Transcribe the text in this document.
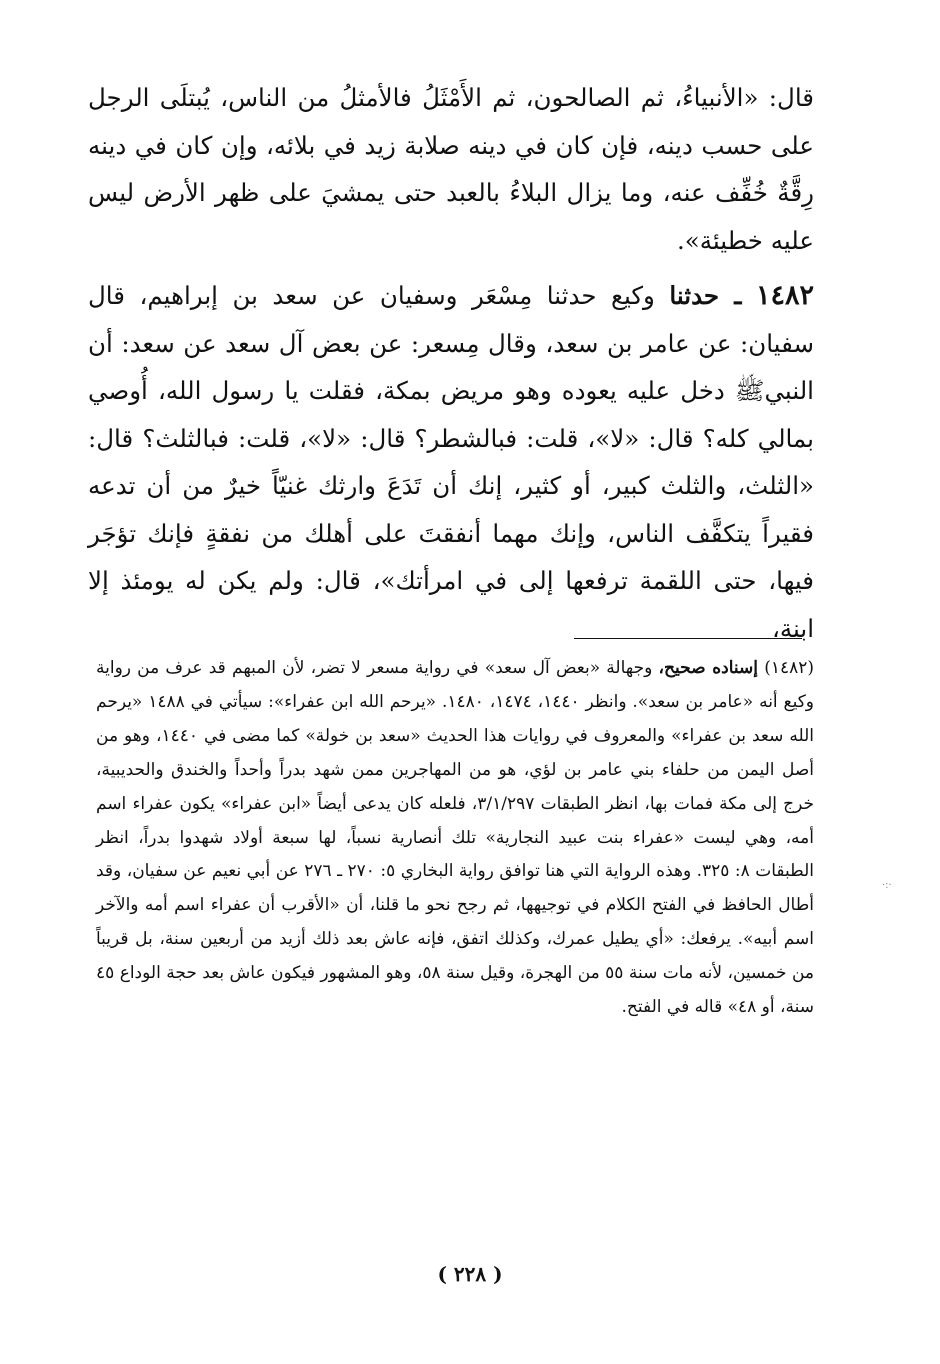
قال: «الأنبياءُ، ثم الصالحون، ثم الأَمْثَلُ فالأمثلُ من الناس، يُبتلَى الرجل على حسب دينه، فإن كان في دينه صلابة زيد في بلائه، وإن كان في دينه رِقَّةٌ خُفِّف عنه، وما يزال البلاءُ بالعبد حتى يمشيَ على ظهر الأرض ليس عليه خطيئة».

١٤٨٢ ـ حدثنا وكيع حدثنا مِسْعَر وسفيان عن سعد بن إبراهيم، قال سفيان: عن عامر بن سعد، وقال مِسعر: عن بعض آل سعد عن سعد: أن النبيﷺ دخل عليه يعوده وهو مريض بمكة، فقلت يا رسول الله، أُوصي بمالي كله؟ قال: «لا»، قلت: فبالشطر؟ قال: «لا»، قلت: فبالثلث؟ قال: «الثلث، والثلث كبير، أو كثير، إنك أن تَدَعَ وارثك غنيّاً خيرٌ من أن تدعه فقيراً يتكفَّف الناس، وإنك مهما أنفقتَ على أهلك من نفقةٍ فإنك تؤجَر فيها، حتى اللقمة ترفعها إلى في امرأتك»، قال: ولم يكن له يومئذ إلا ابنة،

(١٤٨٢) إسناده صحيح، وجهالة «بعض آل سعد» في رواية مسعر لا تضر، لأن المبهم قد عرف من رواية وكيع أنه «عامر بن سعد». وانظر ١٤٤٠، ١٤٧٤، ١٤٨٠. «يرحم الله ابن عفراء»: سيأتي في ١٤٨٨ «يرحم الله سعد بن عفراء» والمعروف في روايات هذا الحديث «سعد بن خولة» كما مضى في ١٤٤٠، وهو من أصل اليمن من حلفاء بني عامر بن لؤي، هو من المهاجرين ممن شهد بدراً وأحداً والخندق والحديبية، خرج إلى مكة فمات بها، انظر الطبقات ٣/١/٢٩٧، فلعله كان يدعى أيضاً «ابن عفراء» يكون عفراء اسم أمه، وهي ليست «عفراء بنت عبيد النجارية» تلك أنصارية نسباً، لها سبعة أولاد شهدوا بدراً، انظر الطبقات ٨: ٣٢٥. وهذه الرواية التي هنا توافق رواية البخاري ٥: ٢٧٠ ـ ٢٧٦ عن أبي نعيم عن سفيان، وقد أطال الحافظ في الفتح الكلام في توجيهها، ثم رجح نحو ما قلنا، أن «الأقرب أن عفراء اسم أمه والآخر اسم أبيه». يرفعك: «أي يطيل عمرك، وكذلك اتفق، فإنه عاش بعد ذلك أزيد من أربعين سنة، بل قريباً من خمسين، لأنه مات سنة ٥٥ من الهجرة، وقيل سنة ٥٨، وهو المشهور فيكون عاش بعد حجة الوداع ٤٥ سنة، أو ٤٨» قاله في الفتح.

( ٢٢٨ )
·:·
